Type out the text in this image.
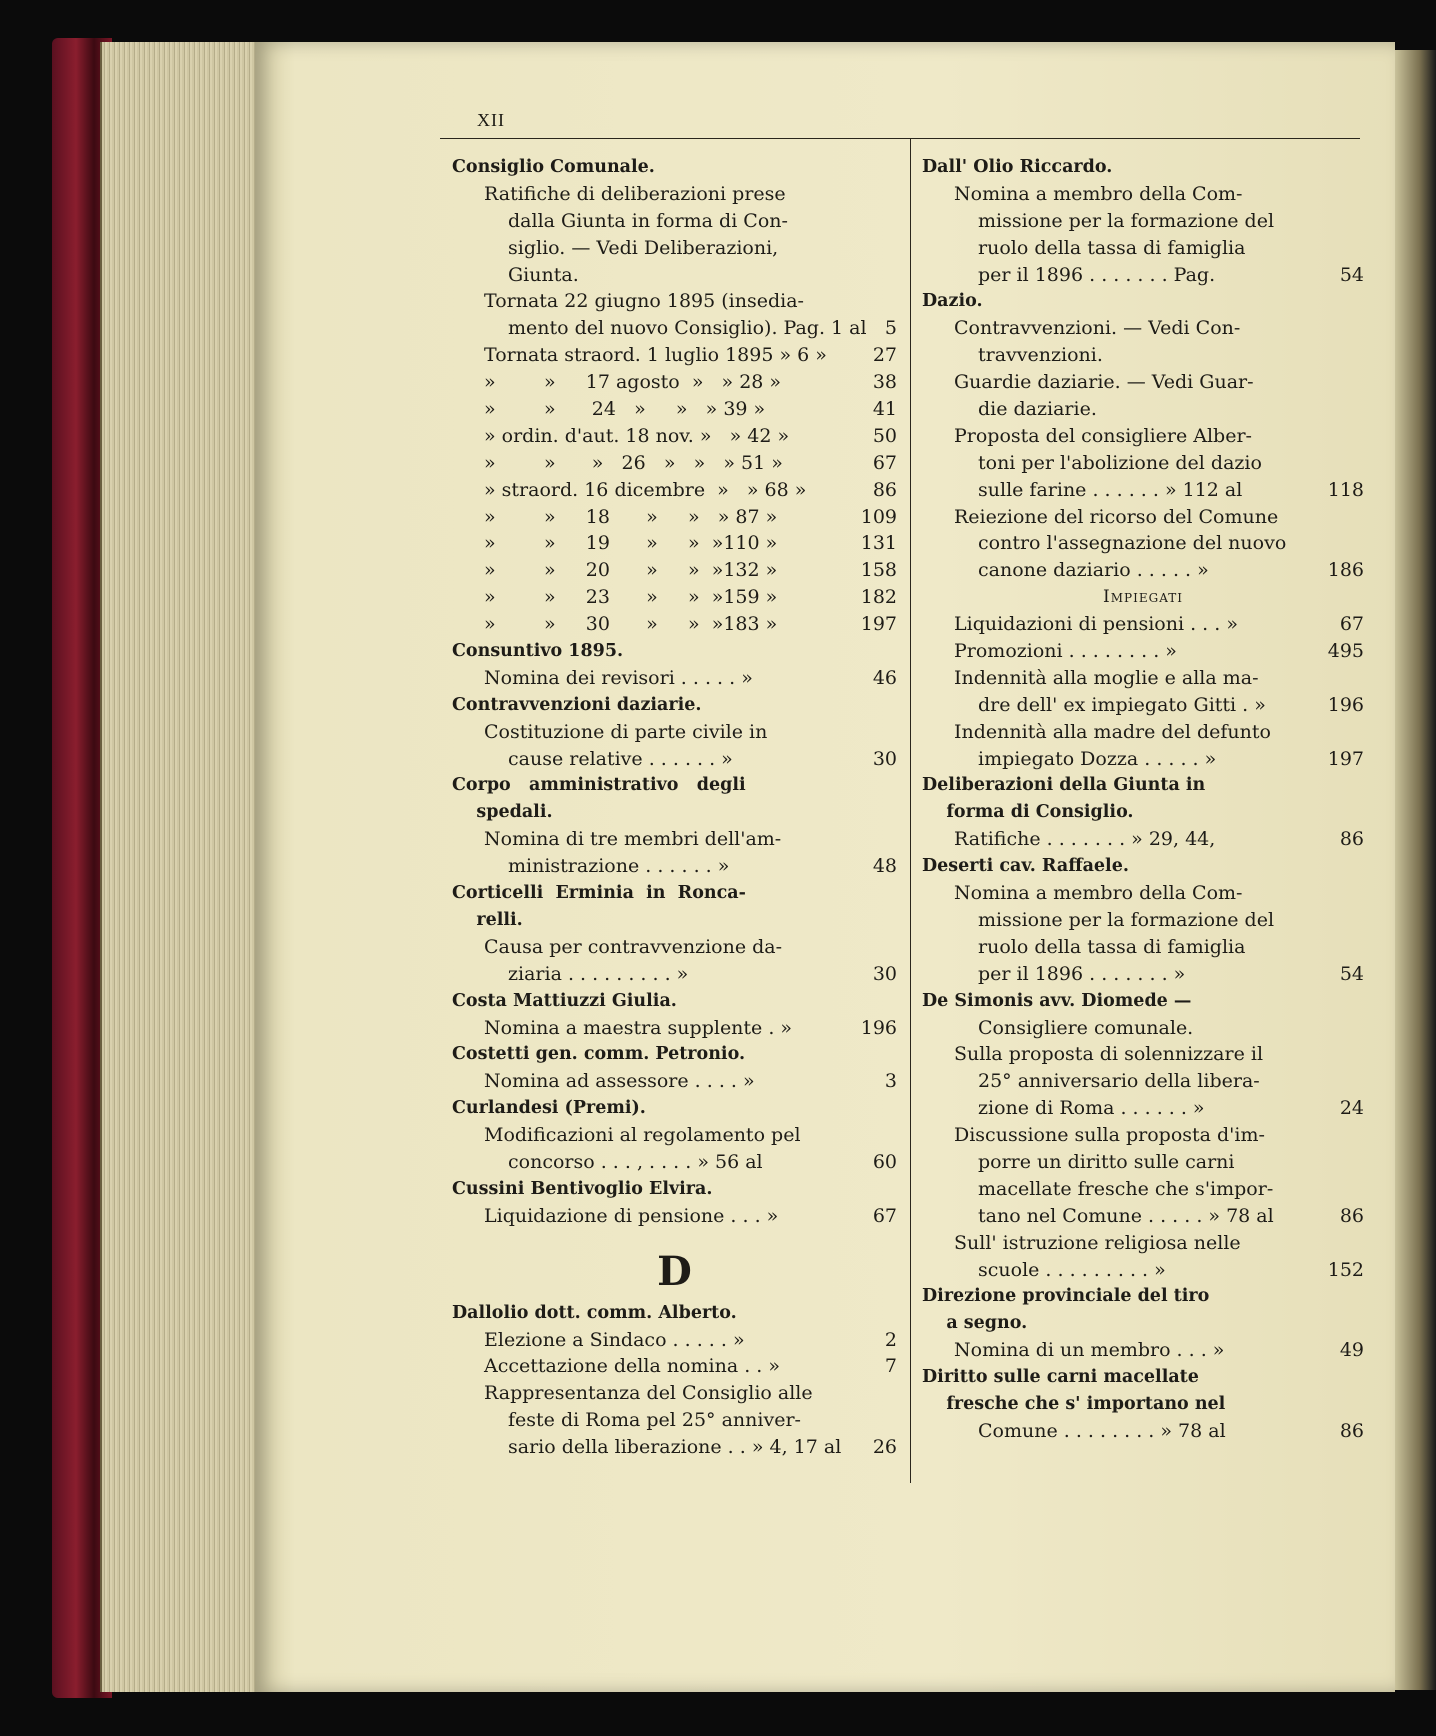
XII
Consiglio Comunale.
Ratifiche di deliberazioni prese
dalla Giunta in forma di Con-
siglio. — Vedi Deliberazioni,
Giunta.
Tornata 22 giugno 1895 (insedia-
mento del nuovo Consiglio). Pag. 1 al 5
Tornata straord. 1 luglio 1895 » 6 » 27
»        »     17 agosto  »   » 28 »	38
»        »      24   »     »   » 39 »	41
» ordin. d'aut. 18 nov. »   » 42 »	50
»        »      »   26   »   »   » 51 »	67
» straord. 16 dicembre  »   » 68 »	86
»        »     18      »     »   » 87 »	109
»        »     19      »     »  »110 »	131
»        »     20      »     »  »132 »	158
»        »     23      »     »  »159 »	182
»        »     30      »     »  »183 »	197
Consuntivo 1895.
Nomina dei revisori . . . . . »	46
Contravvenzioni daziarie.
Costituzione di parte civile in
cause relative . . . . . . »	30
Corpo   amministrativo   degli
spedali.
Nomina di tre membri dell'am-
ministrazione . . . . . . »	48
Corticelli  Erminia  in  Ronca-
relli.
Causa per contravvenzione da-
ziaria . . . . . . . . . »	30
Costa Mattiuzzi Giulia.
Nomina a maestra supplente . »	196
Costetti gen. comm. Petronio.
Nomina ad assessore . . . . »	3
Curlandesi (Premi).
Modificazioni al regolamento pel
concorso . . . , . . . . » 56 al	60
Cussini Bentivoglio Elvira.
Liquidazione di pensione . . . »	67
D
Dallolio dott. comm. Alberto.
Elezione a Sindaco . . . . . »	2
Accettazione della nomina . . »	7
Rappresentanza del Consiglio alle
feste di Roma pel 25° anniver-
sario della liberazione . . » 4, 17 al 26
Dall' Olio Riccardo.
Nomina a membro della Com-
missione per la formazione del
ruolo della tassa di famiglia
per il 1896 . . . . . . . Pag.	54
Dazio.
Contravvenzioni. — Vedi Con-
travvenzioni.
Guardie daziarie. — Vedi Guar-
die daziarie.
Proposta del consigliere Alber-
toni per l'abolizione del dazio
sulle farine . . . . . . » 112 al	118
Reiezione del ricorso del Comune
contro l'assegnazione del nuovo
canone daziario . . . . . »	186
Impiegati
Liquidazioni di pensioni . . . »	67
Promozioni . . . . . . . . »	495
Indennità alla moglie e alla ma-
dre dell' ex impiegato Gitti . »	196
Indennità alla madre del defunto
impiegato Dozza . . . . . »	197
Deliberazioni della Giunta in
forma di Consiglio.
Ratifiche . . . . . . . » 29, 44,	86
Deserti cav. Raffaele.
Nomina a membro della Com-
missione per la formazione del
ruolo della tassa di famiglia
per il 1896 . . . . . . . »	54
De Simonis avv. Diomede —
Consigliere comunale.
Sulla proposta di solennizzare il
25° anniversario della libera-
zione di Roma . . . . . . »	24
Discussione sulla proposta d'im-
porre un diritto sulle carni
macellate fresche che s'impor-
tano nel Comune . . . . . » 78 al	86
Sull' istruzione religiosa nelle
scuole . . . . . . . . . »	152
Direzione provinciale del tiro
a segno.
Nomina di un membro . . . »	49
Diritto sulle carni macellate
fresche che s' importano nel
Comune . . . . . . . . » 78 al	86
